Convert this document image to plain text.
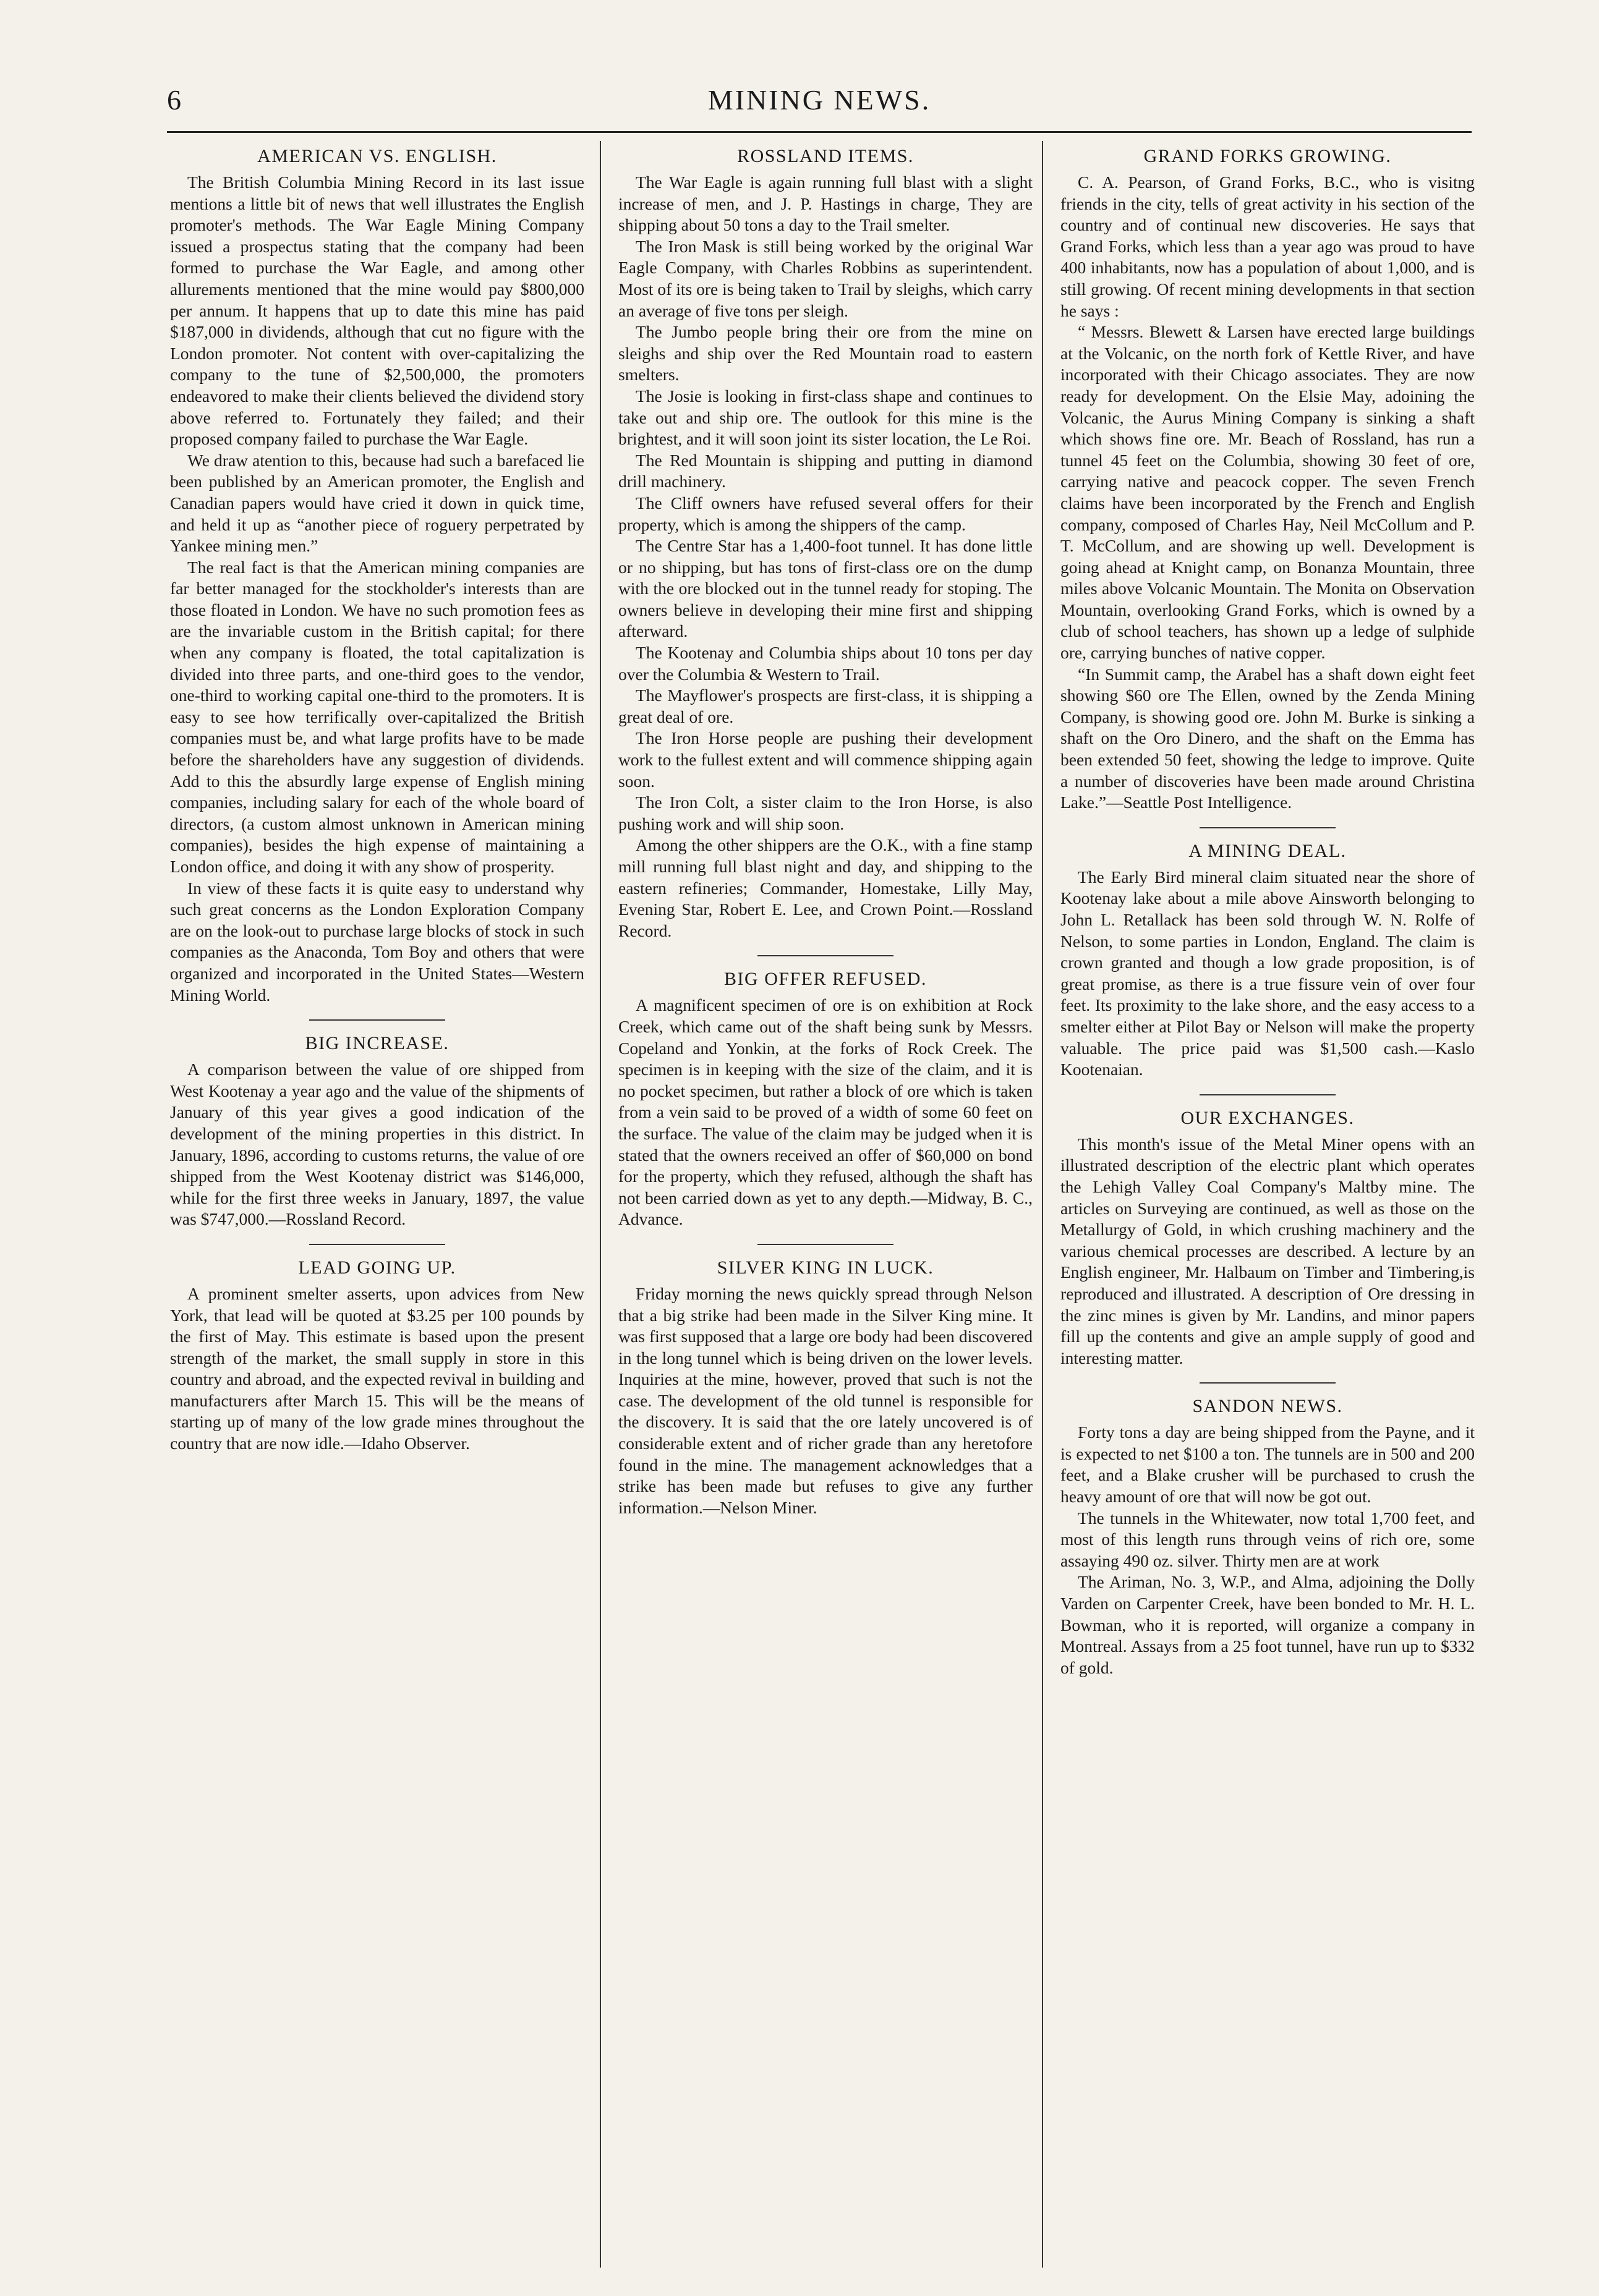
6	MINING NEWS.
AMERICAN VS. ENGLISH.

The British Columbia Mining Record in its last issue mentions a little bit of news that well illustrates the English promoter's methods. The War Eagle Mining Company issued a prospectus stating that the company had been formed to purchase the War Eagle, and among other allurements mentioned that the mine would pay $800,000 per annum. It happens that up to date this mine has paid $187,000 in dividends, although that cut no figure with the London promoter. Not content with over-capitalizing the company to the tune of $2,500,000, the promoters endeavored to make their clients believed the dividend story above referred to. Fortunately they failed; and their proposed company failed to purchase the War Eagle.

We draw atention to this, because had such a barefaced lie been published by an American promoter, the English and Canadian papers would have cried it down in quick time, and held it up as “another piece of roguery perpetrated by Yankee mining men.”

The real fact is that the American mining companies are far better managed for the stockholder's interests than are those floated in London. We have no such promotion fees as are the invariable custom in the British capital; for there when any company is floated, the total capitalization is divided into three parts, and one-third goes to the vendor, one-third to working capital one-third to the promoters. It is easy to see how terrifically over-capitalized the British companies must be, and what large profits have to be made before the shareholders have any suggestion of dividends. Add to this the absurdly large expense of English mining companies, including salary for each of the whole board of directors, (a custom almost unknown in American mining companies), besides the high expense of maintaining a London office, and doing it with any show of prosperity.

In view of these facts it is quite easy to understand why such great concerns as the London Exploration Company are on the look-out to purchase large blocks of stock in such companies as the Anaconda, Tom Boy and others that were organized and incorporated in the United States—Western Mining World.

BIG INCREASE.

A comparison between the value of ore shipped from West Kootenay a year ago and the value of the shipments of January of this year gives a good indication of the development of the mining properties in this district. In January, 1896, according to customs returns, the value of ore shipped from the West Kootenay district was $146,000, while for the first three weeks in January, 1897, the value was $747,000.—Rossland Record.

LEAD GOING UP.

A prominent smelter asserts, upon advices from New York, that lead will be quoted at $3.25 per 100 pounds by the first of May. This estimate is based upon the present strength of the market, the small supply in store in this country and abroad, and the expected revival in building and manufacturers after March 15. This will be the means of starting up of many of the low grade mines throughout the country that are now idle.—Idaho Observer.

ROSSLAND ITEMS.

The War Eagle is again running full blast with a slight increase of men, and J. P. Hastings in charge, They are shipping about 50 tons a day to the Trail smelter.

The Iron Mask is still being worked by the original War Eagle Company, with Charles Robbins as superintendent. Most of its ore is being taken to Trail by sleighs, which carry an average of five tons per sleigh.

The Jumbo people bring their ore from the mine on sleighs and ship over the Red Mountain road to eastern smelters.

The Josie is looking in first-class shape and continues to take out and ship ore. The outlook for this mine is the brightest, and it will soon joint its sister location, the Le Roi.

The Red Mountain is shipping and putting in diamond drill machinery.

The Cliff owners have refused several offers for their property, which is among the shippers of the camp.

The Centre Star has a 1,400-foot tunnel. It has done little or no shipping, but has tons of first-class ore on the dump with the ore blocked out in the tunnel ready for stoping. The owners believe in developing their mine first and shipping afterward.

The Kootenay and Columbia ships about 10 tons per day over the Columbia & Western to Trail.

The Mayflower's prospects are first-class, it is shipping a great deal of ore.

The Iron Horse people are pushing their development work to the fullest extent and will commence shipping again soon.

The Iron Colt, a sister claim to the Iron Horse, is also pushing work and will ship soon.

Among the other shippers are the O.K., with a fine stamp mill running full blast night and day, and shipping to the eastern refineries; Commander, Homestake, Lilly May, Evening Star, Robert E. Lee, and Crown Point.—Rossland Record.

BIG OFFER REFUSED.

A magnificent specimen of ore is on exhibition at Rock Creek, which came out of the shaft being sunk by Messrs. Copeland and Yonkin, at the forks of Rock Creek. The specimen is in keeping with the size of the claim, and it is no pocket specimen, but rather a block of ore which is taken from a vein said to be proved of a width of some 60 feet on the surface. The value of the claim may be judged when it is stated that the owners received an offer of $60,000 on bond for the property, which they refused, although the shaft has not been carried down as yet to any depth.—Midway, B. C., Advance.

SILVER KING IN LUCK.

Friday morning the news quickly spread through Nelson that a big strike had been made in the Silver King mine. It was first supposed that a large ore body had been discovered in the long tunnel which is being driven on the lower levels. Inquiries at the mine, however, proved that such is not the case. The development of the old tunnel is responsible for the discovery. It is said that the ore lately uncovered is of considerable extent and of richer grade than any heretofore found in the mine. The management acknowledges that a strike has been made but refuses to give any further information.—Nelson Miner.

GRAND FORKS GROWING.

C. A. Pearson, of Grand Forks, B.C., who is visitng friends in the city, tells of great activity in his section of the country and of continual new discoveries. He says that Grand Forks, which less than a year ago was proud to have 400 inhabitants, now has a population of about 1,000, and is still growing. Of recent mining developments in that section he says :

“ Messrs. Blewett & Larsen have erected large buildings at the Volcanic, on the north fork of Kettle River, and have incorporated with their Chicago associates. They are now ready for development. On the Elsie May, adoining the Volcanic, the Aurus Mining Company is sinking a shaft which shows fine ore. Mr. Beach of Rossland, has run a tunnel 45 feet on the Columbia, showing 30 feet of ore, carrying native and peacock copper. The seven French claims have been incorporated by the French and English company, composed of Charles Hay, Neil McCollum and P. T. McCollum, and are showing up well. Development is going ahead at Knight camp, on Bonanza Mountain, three miles above Volcanic Mountain. The Monita on Observation Mountain, overlooking Grand Forks, which is owned by a club of school teachers, has shown up a ledge of sulphide ore, carrying bunches of native copper.

“In Summit camp, the Arabel has a shaft down eight feet showing $60 ore The Ellen, owned by the Zenda Mining Company, is showing good ore. John M. Burke is sinking a shaft on the Oro Dinero, and the shaft on the Emma has been extended 50 feet, showing the ledge to improve. Quite a number of discoveries have been made around Christina Lake.”—Seattle Post Intelligence.

A MINING DEAL.

The Early Bird mineral claim situated near the shore of Kootenay lake about a mile above Ainsworth belonging to John L. Retallack has been sold through W. N. Rolfe of Nelson, to some parties in London, England. The claim is crown granted and though a low grade proposition, is of great promise, as there is a true fissure vein of over four feet. Its proximity to the lake shore, and the easy access to a smelter either at Pilot Bay or Nelson will make the property valuable. The price paid was $1,500 cash.—Kaslo Kootenaian.

OUR EXCHANGES.

This month's issue of the Metal Miner opens with an illustrated description of the electric plant which operates the Lehigh Valley Coal Company's Maltby mine. The articles on Surveying are continued, as well as those on the Metallurgy of Gold, in which crushing machinery and the various chemical processes are described. A lecture by an English engineer, Mr. Halbaum on Timber and Timbering,is reproduced and illustrated. A description of Ore dressing in the zinc mines is given by Mr. Landins, and minor papers fill up the contents and give an ample supply of good and interesting matter.

SANDON NEWS.

Forty tons a day are being shipped from the Payne, and it is expected to net $100 a ton. The tunnels are in 500 and 200 feet, and a Blake crusher will be purchased to crush the heavy amount of ore that will now be got out.

The tunnels in the Whitewater, now total 1,700 feet, and most of this length runs through veins of rich ore, some assaying 490 oz. silver. Thirty men are at work

The Ariman, No. 3, W.P., and Alma, adjoining the Dolly Varden on Carpenter Creek, have been bonded to Mr. H. L. Bowman, who it is reported, will organize a company in Montreal. Assays from a 25 foot tunnel, have run up to $332 of gold.
